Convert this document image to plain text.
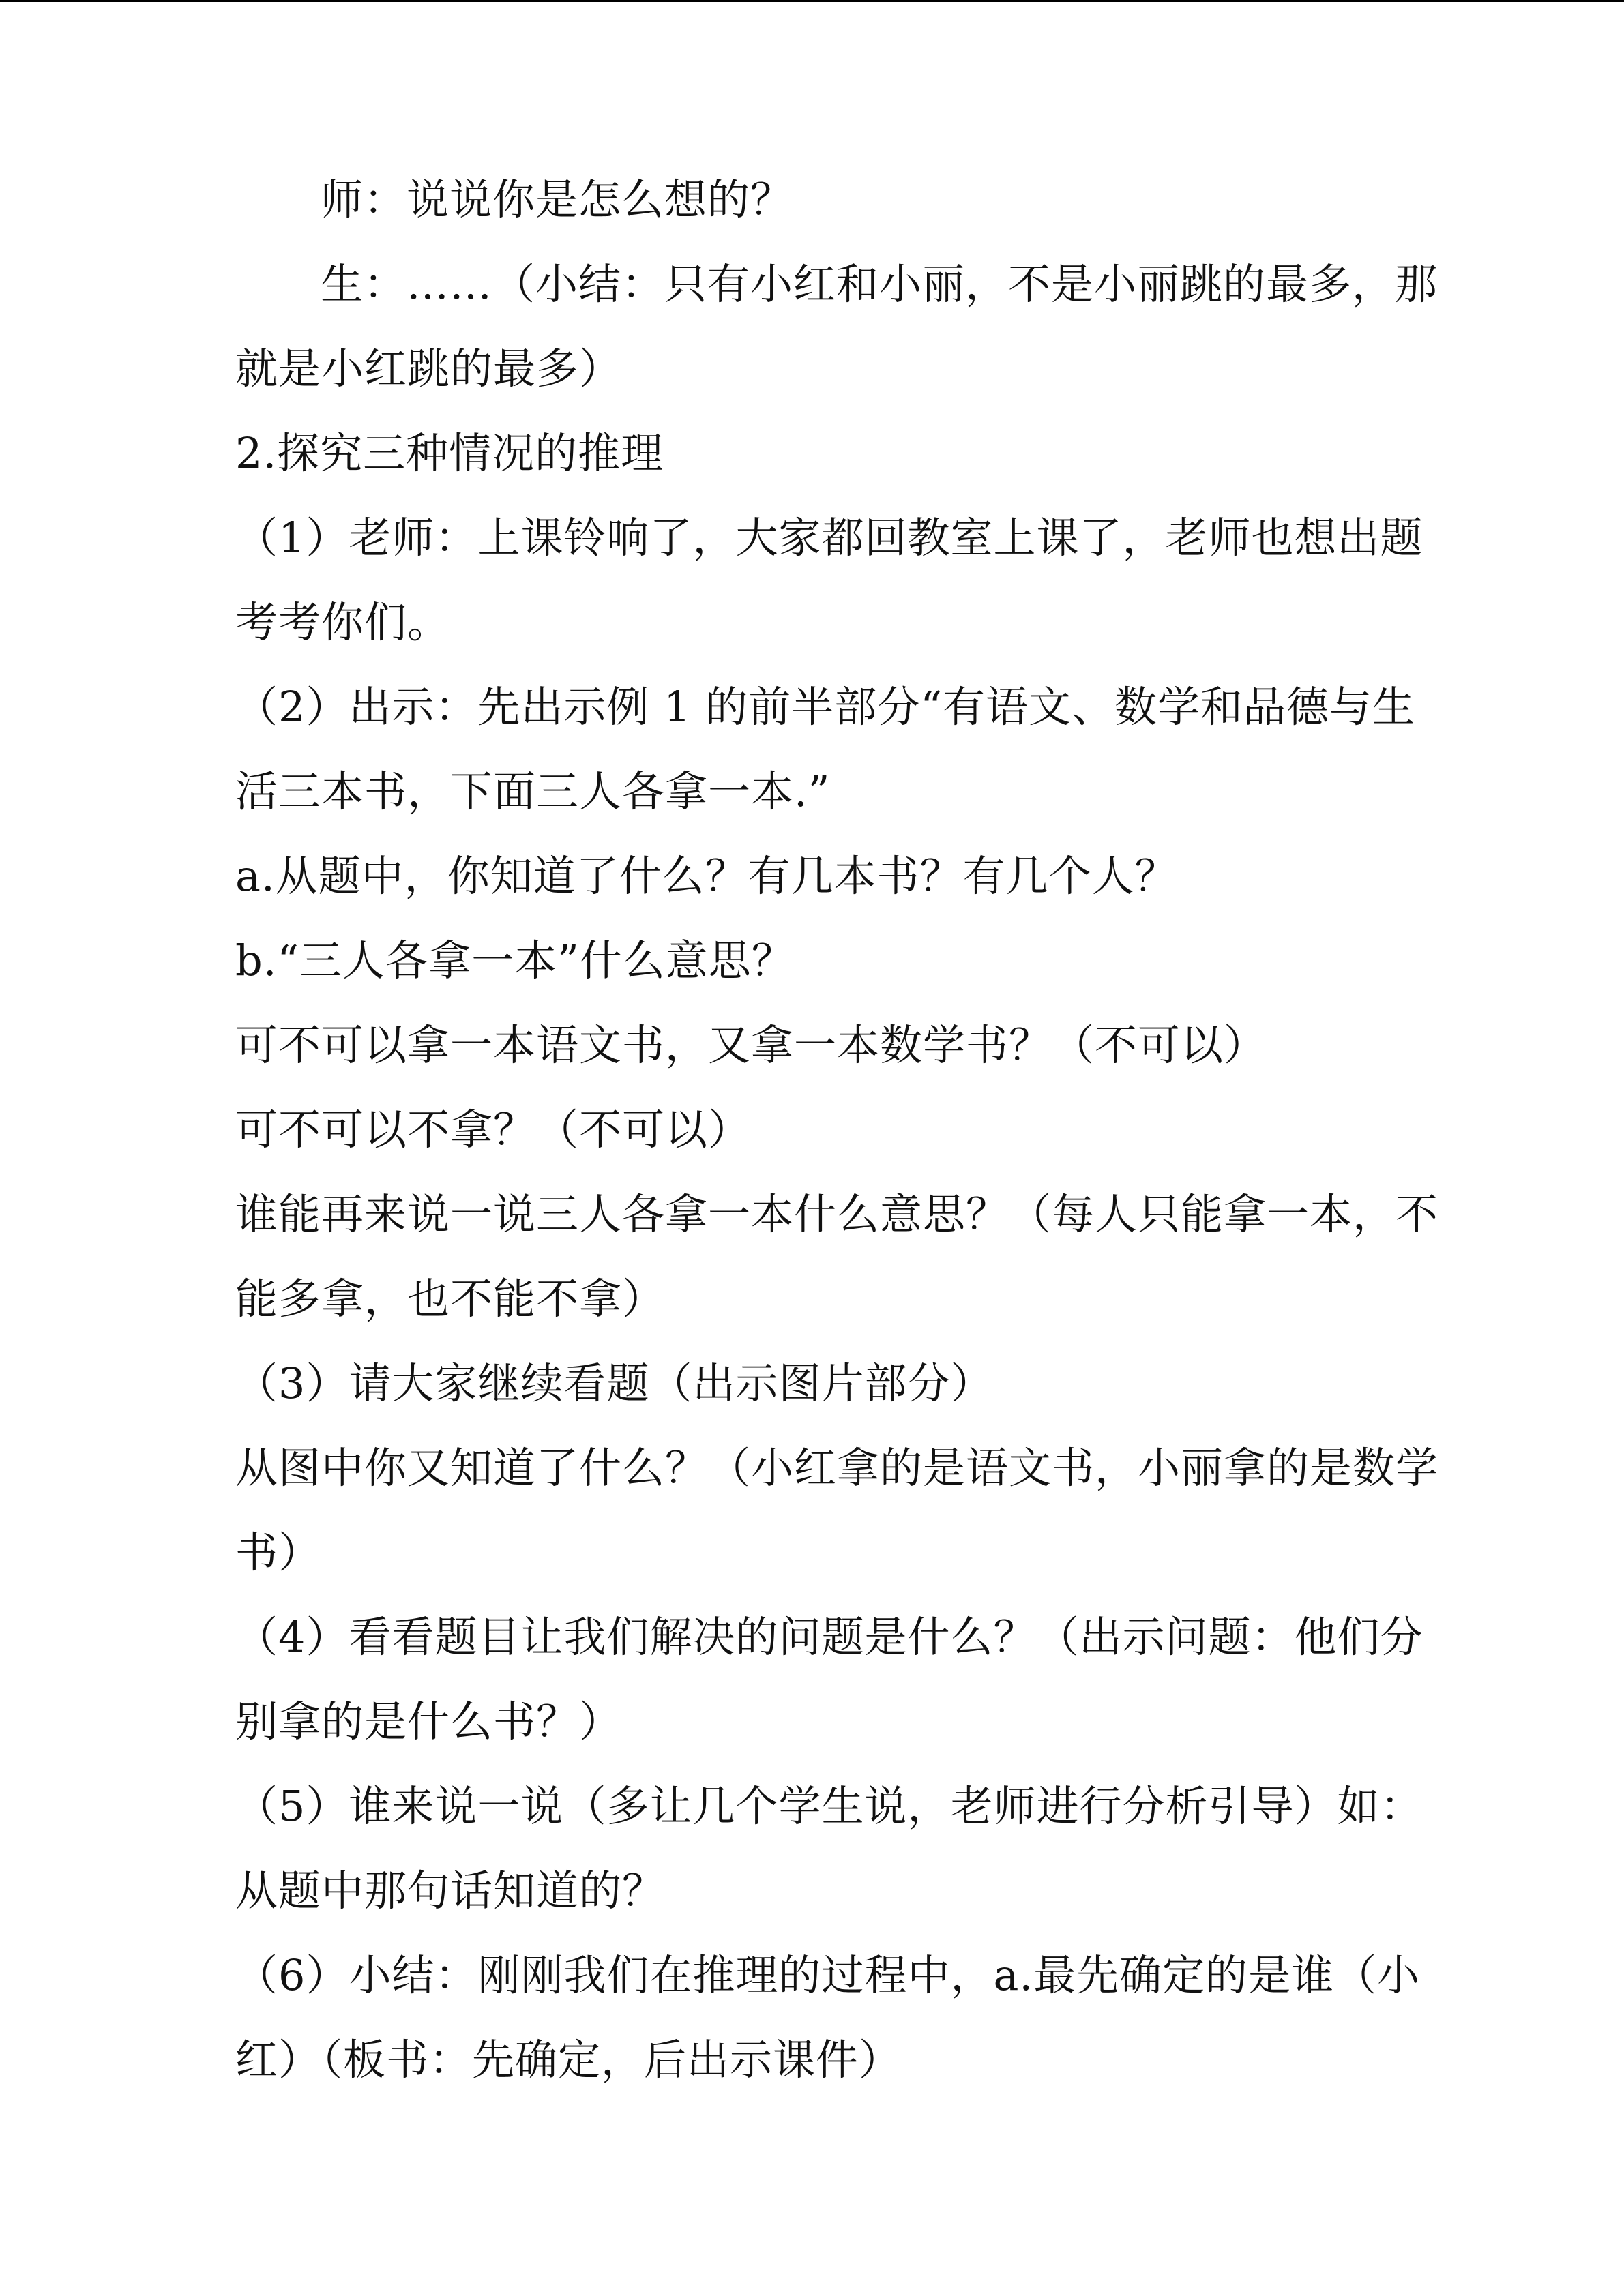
师：说说你是怎么想的？
生：……（小结：只有小红和小丽，不是小丽跳的最多，那
就是小红跳的最多）
2.探究三种情况的推理
（1）老师：上课铃响了，大家都回教室上课了，老师也想出题
考考你们。
（2）出示：先出示例 1 的前半部分“有语文、数学和品德与生
活三本书，下面三人各拿一本.”
a.从题中，你知道了什么？有几本书？有几个人？
b.“三人各拿一本”什么意思？
可不可以拿一本语文书，又拿一本数学书？（不可以）
可不可以不拿？（不可以）
谁能再来说一说三人各拿一本什么意思？（每人只能拿一本，不
能多拿，也不能不拿）
（3）请大家继续看题（出示图片部分）
从图中你又知道了什么？（小红拿的是语文书，小丽拿的是数学
书）
（4）看看题目让我们解决的问题是什么？（出示问题：他们分
别拿的是什么书？）
（5）谁来说一说（多让几个学生说，老师进行分析引导）如：
从题中那句话知道的？
（6）小结：刚刚我们在推理的过程中，a.最先确定的是谁（小
红）（板书：先确定，后出示课件）
